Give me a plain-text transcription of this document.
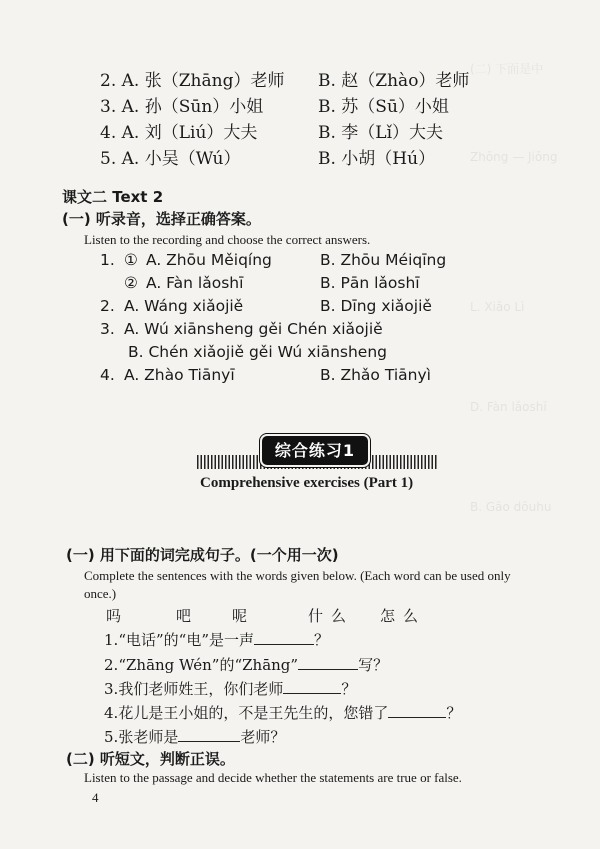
(二) 下面是中
Zhōng — Jiōng
L. Xiǎo Lì
D. Fàn lǎoshī
B. Gāo dōuhu
2. A. 张（Zhāng）老师 B. 赵（Zhào）老师
3. A. 孙（Sūn）小姐	B. 苏（Sū）小姐
4. A. 刘（Liú）大夫	B. 李（Lǐ）大夫
5. A. 小吴（Wú）	B. 小胡（Hú）
课文二 Text 2
(一) 听录音，选择正确答案。
Listen to the recording and choose the correct answers.
1. ① A. Zhōu Měiqíng	B. Zhōu Méiqīng
② A. Fàn lǎoshī	B. Pān lǎoshī
2. A. Wáng xiǎojiě	B. Dīng xiǎojiě
3. A. Wú xiānsheng gěi Chén xiǎojiě
B. Chén xiǎojiě gěi Wú xiānsheng
4. A. Zhào Tiānyī	B. Zhǎo Tiānyì
综合练习1
Comprehensive exercises (Part 1)
(一) 用下面的词完成句子。(一个用一次)
Complete the sentences with the words given below. (Each word can be used only
once.)
吗	吧	呢	什么 怎么
1.“电话”的“电”是一声	？
2.“Zhāng Wén”的“Zhāng”	写？
3.我们老师姓王，你们老师	？
4.花儿是王小姐的，不是王先生的，您错了	？
5.张老师是	老师？
(二) 听短文，判断正误。
Listen to the passage and decide whether the statements are true or false.
4
